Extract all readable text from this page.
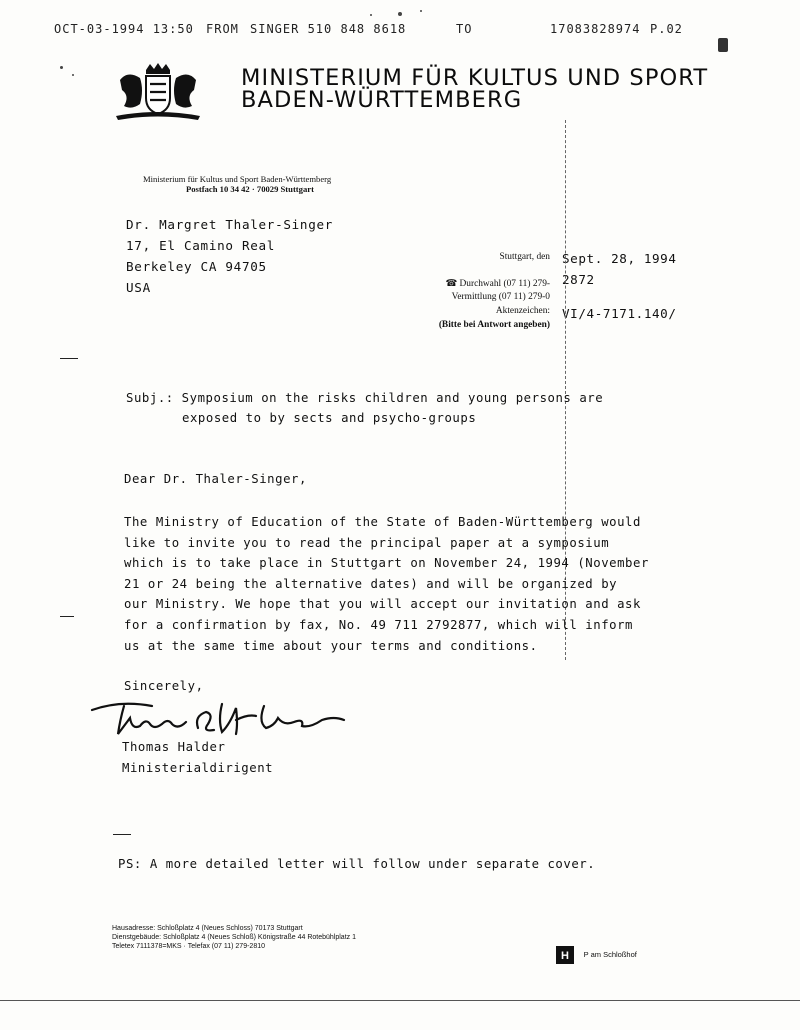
OCT-03-1994 13:50 FROM SINGER 510 848 8618	TO	17083828974 P.02
MINISTERIUM FÜR KULTUS UND SPORT
BADEN-WÜRTTEMBERG
Ministerium für Kultus und Sport Baden-Württemberg
Postfach 10 34 42 · 70029 Stuttgart
Dr. Margret Thaler-Singer
17, El Camino Real
Berkeley CA 94705
USA
Stuttgart, den Sept. 28, 1994
☎ Durchwahl (07 11) 279- 2872
Vermittlung (07 11) 279-0
Aktenzeichen: VI/4-7171.140/
(Bitte bei Antwort angeben)
Subj.: Symposium on the risks children and young persons are
exposed to by sects and psycho-groups
Dear Dr. Thaler-Singer,
The Ministry of Education of the State of Baden-Württemberg would
like to invite you to read the principal paper at a symposium
which is to take place in Stuttgart on November 24, 1994 (November
21 or 24 being the alternative dates) and will be organized by
our Ministry. We hope that you will accept our invitation and ask
for a confirmation by fax, No. 49 711 2792877, which will inform
us at the same time about your terms and conditions.
Sincerely,
Thomas Halder
Ministerialdirigent
PS: A more detailed letter will follow under separate cover.
Hausadresse: Schloßplatz 4 (Neues Schloss) 70173 Stuttgart
Dienstgebäude: Schloßplatz 4 (Neues Schloß) Königstraße 44 Rotebühlplatz 1
Teletex 7111378=MKS · Telefax (07 11) 279-2810
H P am Schloßhof
